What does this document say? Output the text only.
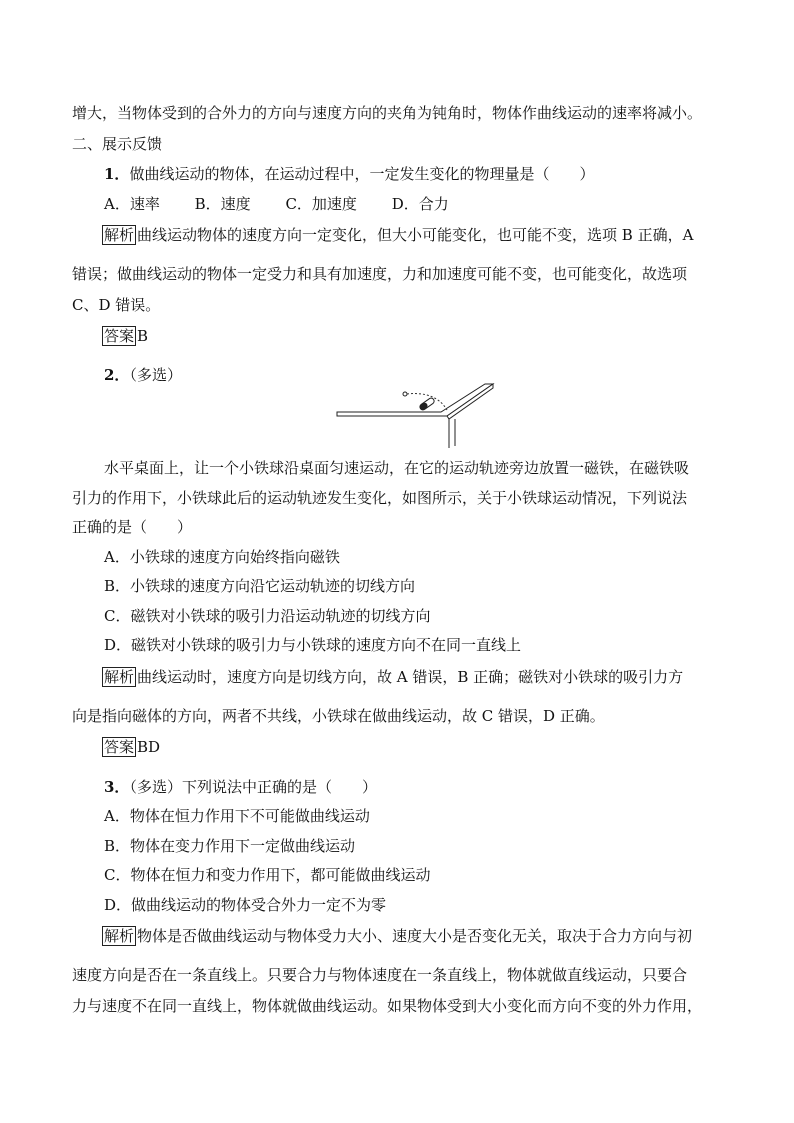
增大，当物体受到的合外力的方向与速度方向的夹角为钝角时，物体作曲线运动的速率将减小。
二、展示反馈
1．做曲线运动的物体，在运动过程中，一定发生变化的物理量是（　　）
A．速率 B．速度 C．加速度 D．合力
解析 曲线运动物体的速度方向一定变化，但大小可能变化，也可能不变，选项 B 正确，A
错误；做曲线运动的物体一定受力和具有加速度，力和加速度可能不变，也可能变化，故选项
C、D 错误。
答案 B
2．（多选）
水平桌面上，让一个小铁球沿桌面匀速运动，在它的运动轨迹旁边放置一磁铁，在磁铁吸
引力的作用下，小铁球此后的运动轨迹发生变化，如图所示，关于小铁球运动情况，下列说法
正确的是（　　）
A．小铁球的速度方向始终指向磁铁
B．小铁球的速度方向沿它运动轨迹的切线方向
C．磁铁对小铁球的吸引力沿运动轨迹的切线方向
D．磁铁对小铁球的吸引力与小铁球的速度方向不在同一直线上
解析 曲线运动时，速度方向是切线方向，故 A 错误，B 正确；磁铁对小铁球的吸引力方
向是指向磁体的方向，两者不共线，小铁球在做曲线运动，故 C 错误，D 正确。
答案 BD
3．（多选）下列说法中正确的是（　　）
A．物体在恒力作用下不可能做曲线运动
B．物体在变力作用下一定做曲线运动
C．物体在恒力和变力作用下，都可能做曲线运动
D．做曲线运动的物体受合外力一定不为零
解析 物体是否做曲线运动与物体受力大小、速度大小是否变化无关，取决于合力方向与初
速度方向是否在一条直线上。只要合力与物体速度在一条直线上，物体就做直线运动，只要合
力与速度不在同一直线上，物体就做曲线运动。如果物体受到大小变化而方向不变的外力作用，
